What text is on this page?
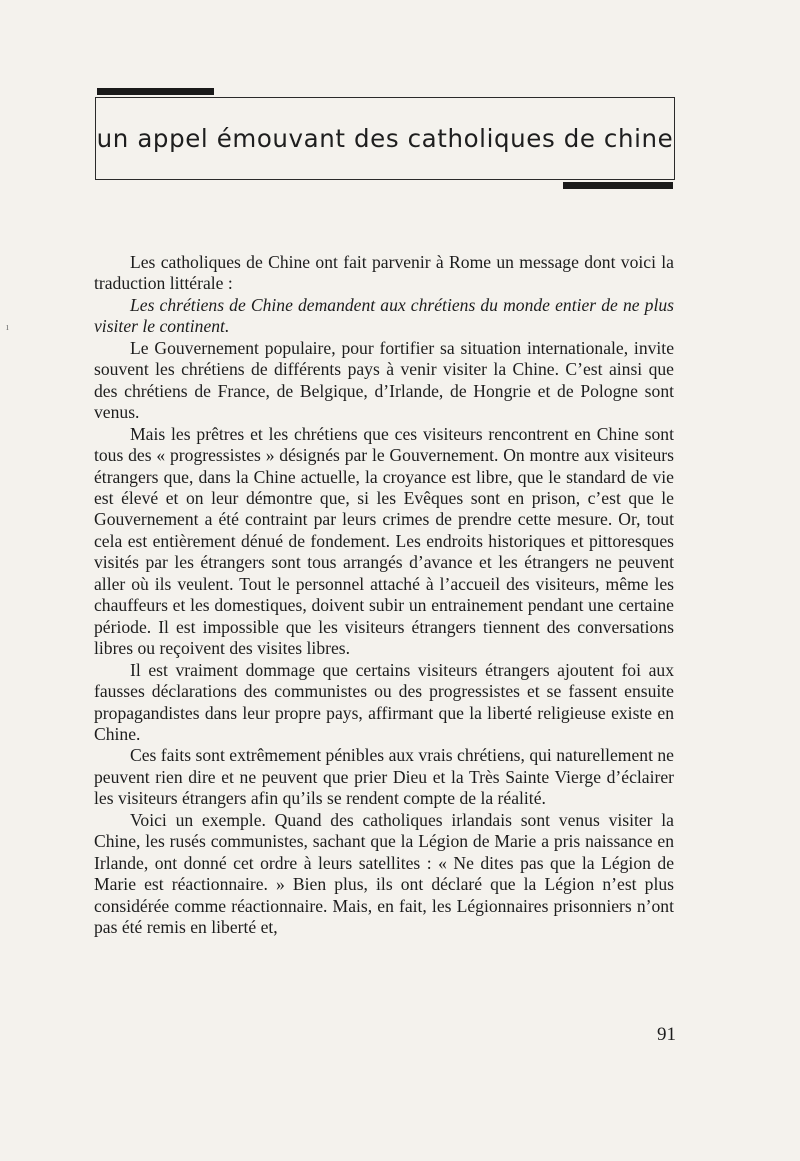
un appel émouvant des catholiques de chine
ı

Les catholiques de Chine ont fait parvenir à Rome un message dont voici la traduction littérale :

Les chrétiens de Chine demandent aux chrétiens du monde entier de ne plus visiter le continent.

Le Gouvernement populaire, pour fortifier sa situation internationale, invite souvent les chrétiens de différents pays à venir visiter la Chine. C’est ainsi que des chrétiens de France, de Belgique, d’Irlande, de Hongrie et de Pologne sont venus.

Mais les prêtres et les chrétiens que ces visiteurs rencontrent en Chine sont tous des « progressistes » désignés par le Gouvernement. On montre aux visiteurs étrangers que, dans la Chine actuelle, la croyance est libre, que le standard de vie est élevé et on leur démontre que, si les Evêques sont en prison, c’est que le Gouvernement a été contraint par leurs crimes de prendre cette mesure. Or, tout cela est entièrement dénué de fondement. Les endroits historiques et pittoresques visités par les étrangers sont tous arrangés d’avance et les étrangers ne peuvent aller où ils veulent. Tout le personnel attaché à l’accueil des visiteurs, même les chauffeurs et les domestiques, doivent subir un entrainement pendant une certaine période. Il est impossible que les visiteurs étrangers tiennent des conversations libres ou reçoivent des visites libres.

Il est vraiment dommage que certains visiteurs étrangers ajoutent foi aux fausses déclarations des communistes ou des progressistes et se fassent ensuite propagandistes dans leur propre pays, affirmant que la liberté religieuse existe en Chine.

Ces faits sont extrêmement pénibles aux vrais chrétiens, qui naturellement ne peuvent rien dire et ne peuvent que prier Dieu et la Très Sainte Vierge d’éclairer les visiteurs étrangers afin qu’ils se rendent compte de la réalité.

Voici un exemple. Quand des catholiques irlandais sont venus visiter la Chine, les rusés communistes, sachant que la Légion de Marie a pris naissance en Irlande, ont donné cet ordre à leurs satellites : « Ne dites pas que la Légion de Marie est réactionnaire. » Bien plus, ils ont déclaré que la Légion n’est plus considérée comme réactionnaire. Mais, en fait, les Légionnaires prisonniers n’ont pas été remis en liberté et,

91
